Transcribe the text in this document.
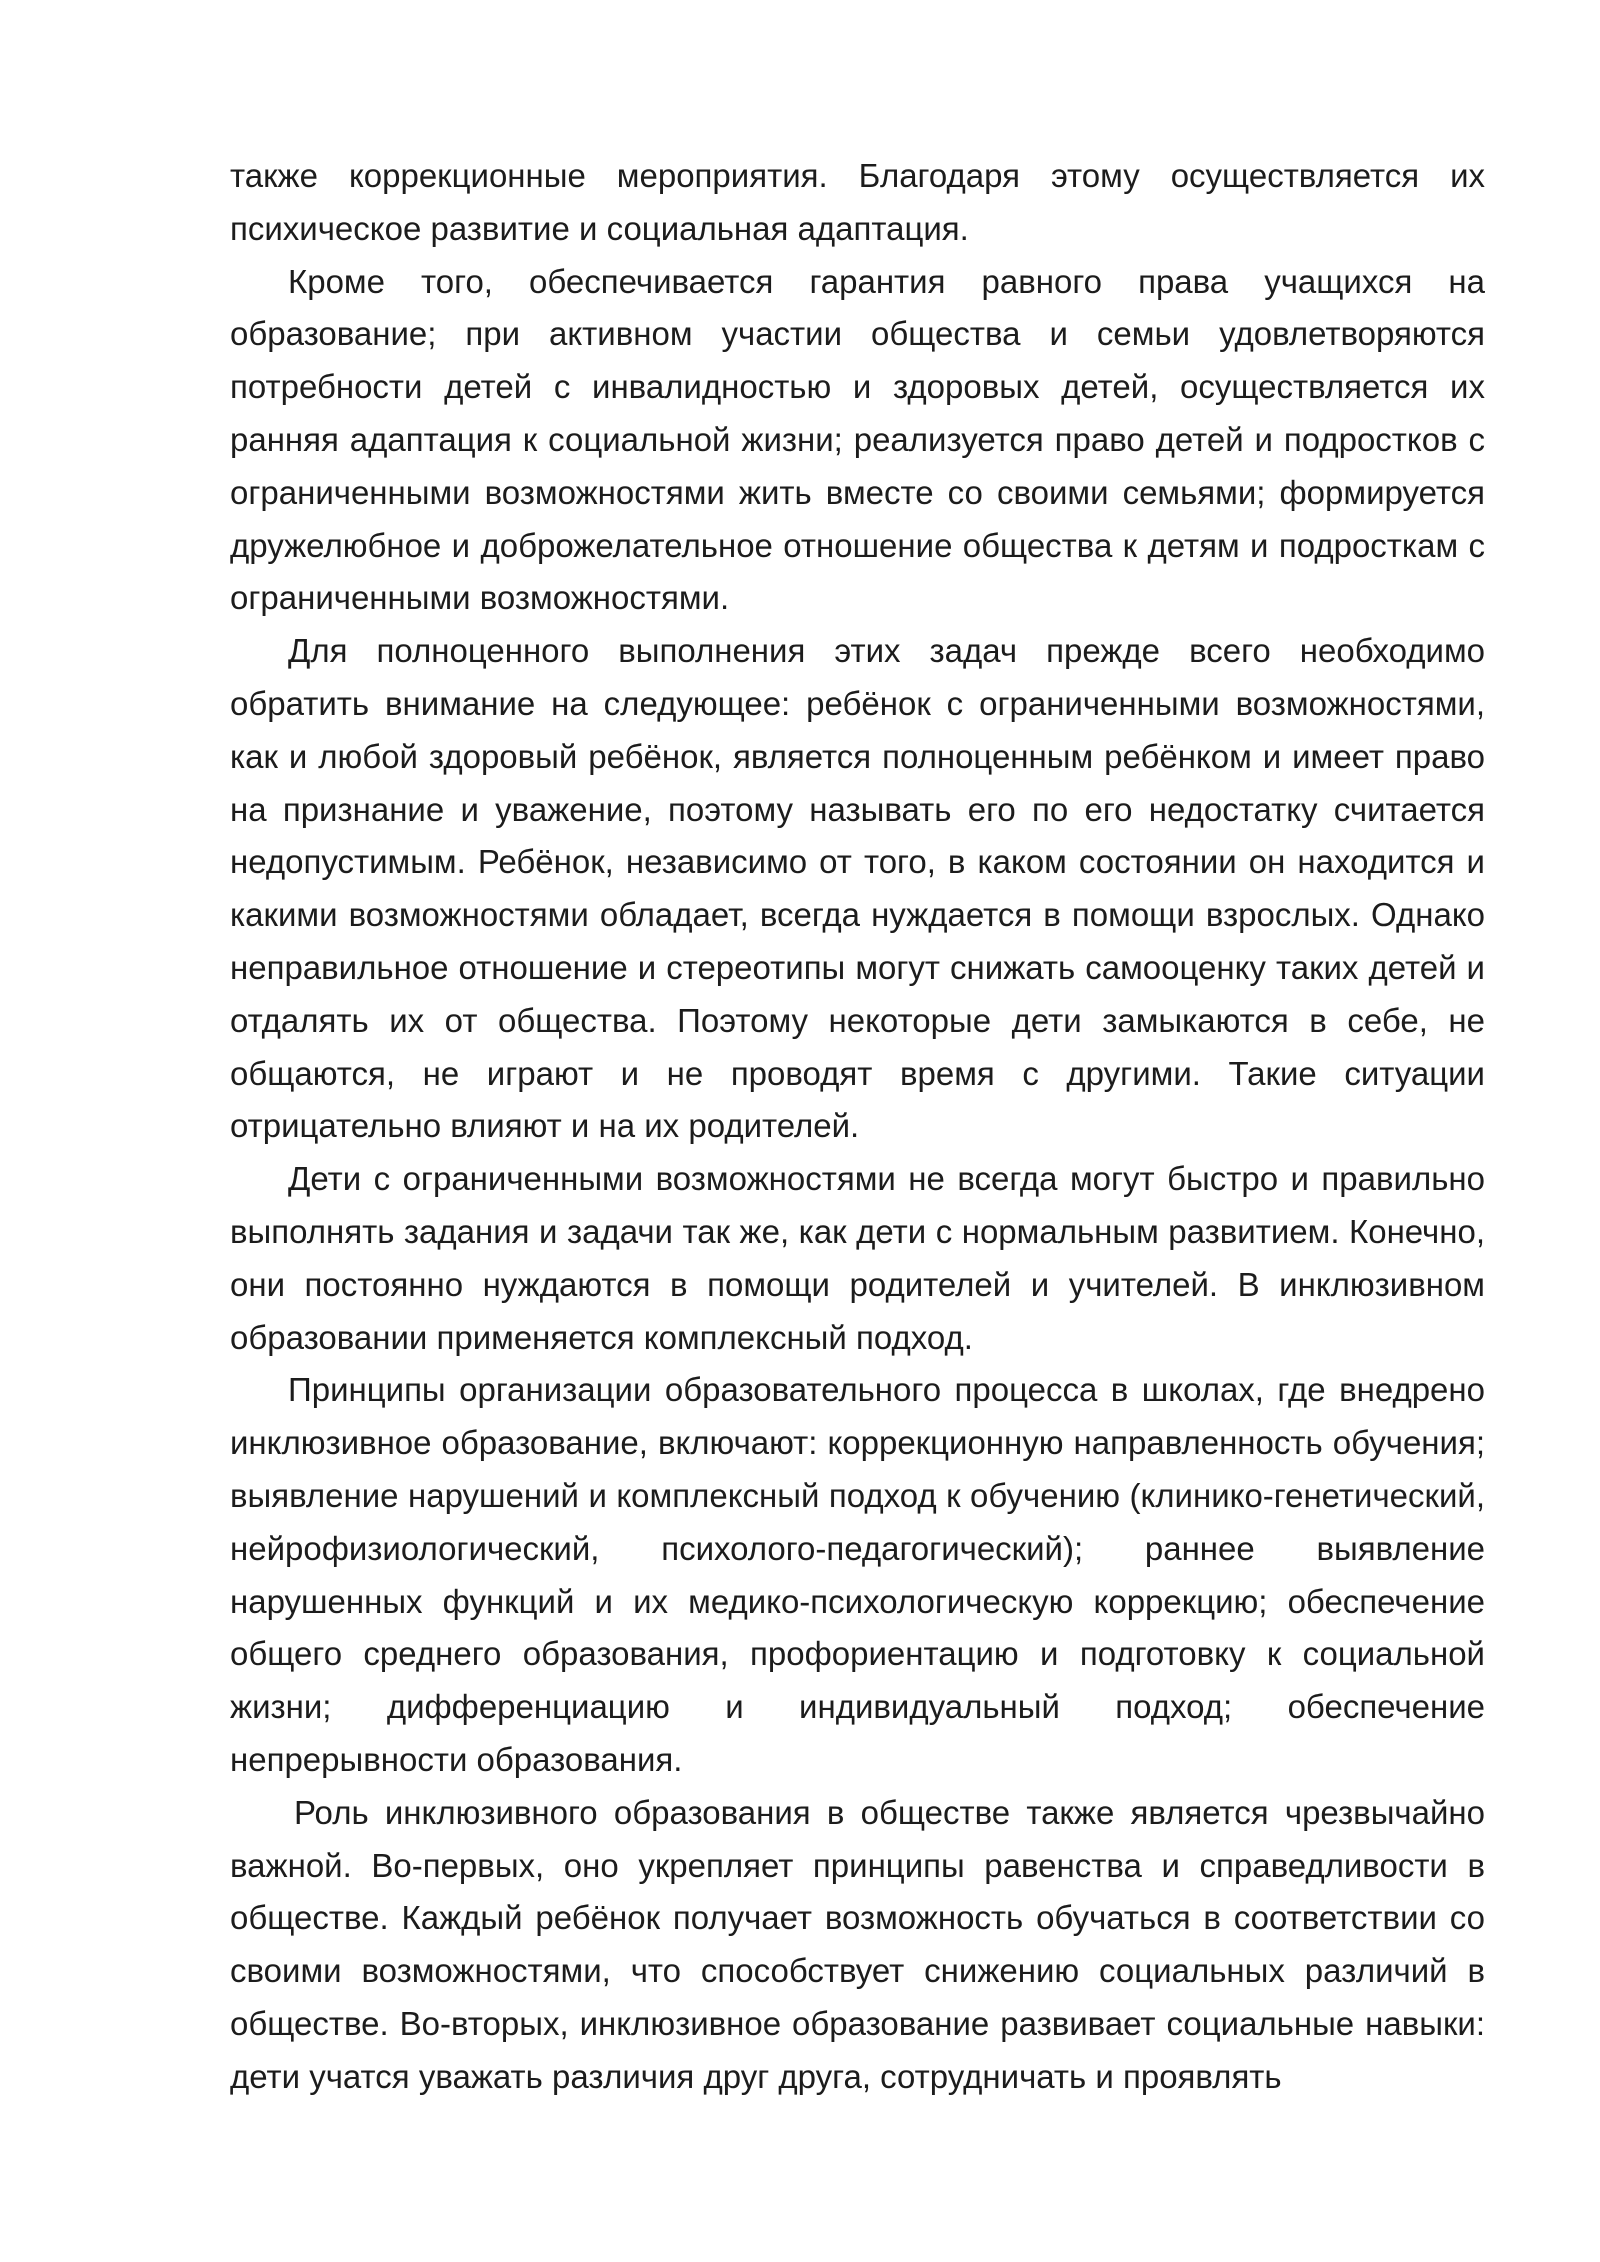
также коррекционные мероприятия. Благодаря этому осуществляется их психическое развитие и социальная адаптация.

Кроме того, обеспечивается гарантия равного права учащихся на образование; при активном участии общества и семьи удовлетворяются потребности детей с инвалидностью и здоровых детей, осуществляется их ранняя адаптация к социальной жизни; реализуется право детей и подростков с ограниченными возможностями жить вместе со своими семьями; формируется дружелюбное и доброжелательное отношение общества к детям и подросткам с ограниченными возможностями.

Для полноценного выполнения этих задач прежде всего необходимо обратить внимание на следующее: ребёнок с ограниченными возможностями, как и любой здоровый ребёнок, является полноценным ребёнком и имеет право на признание и уважение, поэтому называть его по его недостатку считается недопустимым. Ребёнок, независимо от того, в каком состоянии он находится и какими возможностями обладает, всегда нуждается в помощи взрослых. Однако неправильное отношение и стереотипы могут снижать самооценку таких детей и отдалять их от общества. Поэтому некоторые дети замыкаются в себе, не общаются, не играют и не проводят время с другими. Такие ситуации отрицательно влияют и на их родителей.

Дети с ограниченными возможностями не всегда могут быстро и правильно выполнять задания и задачи так же, как дети с нормальным развитием. Конечно, они постоянно нуждаются в помощи родителей и учителей. В инклюзивном образовании применяется комплексный подход.

Принципы организации образовательного процесса в школах, где внедрено инклюзивное образование, включают: коррекционную направленность обучения; выявление нарушений и комплексный подход к обучению (клинико-генетический, нейрофизиологический, психолого-педагогический); раннее выявление нарушенных функций и их медико-психологическую коррекцию; обеспечение общего среднего образования, профориентацию и подготовку к социальной жизни; дифференциацию и индивидуальный подход; обеспечение непрерывности образования.

Роль инклюзивного образования в обществе также является чрезвычайно важной. Во-первых, оно укрепляет принципы равенства и справедливости в обществе. Каждый ребёнок получает возможность обучаться в соответствии со своими возможностями, что способствует снижению социальных различий в обществе. Во-вторых, инклюзивное образование развивает социальные навыки: дети учатся уважать различия друг друга, сотрудничать и проявлять
